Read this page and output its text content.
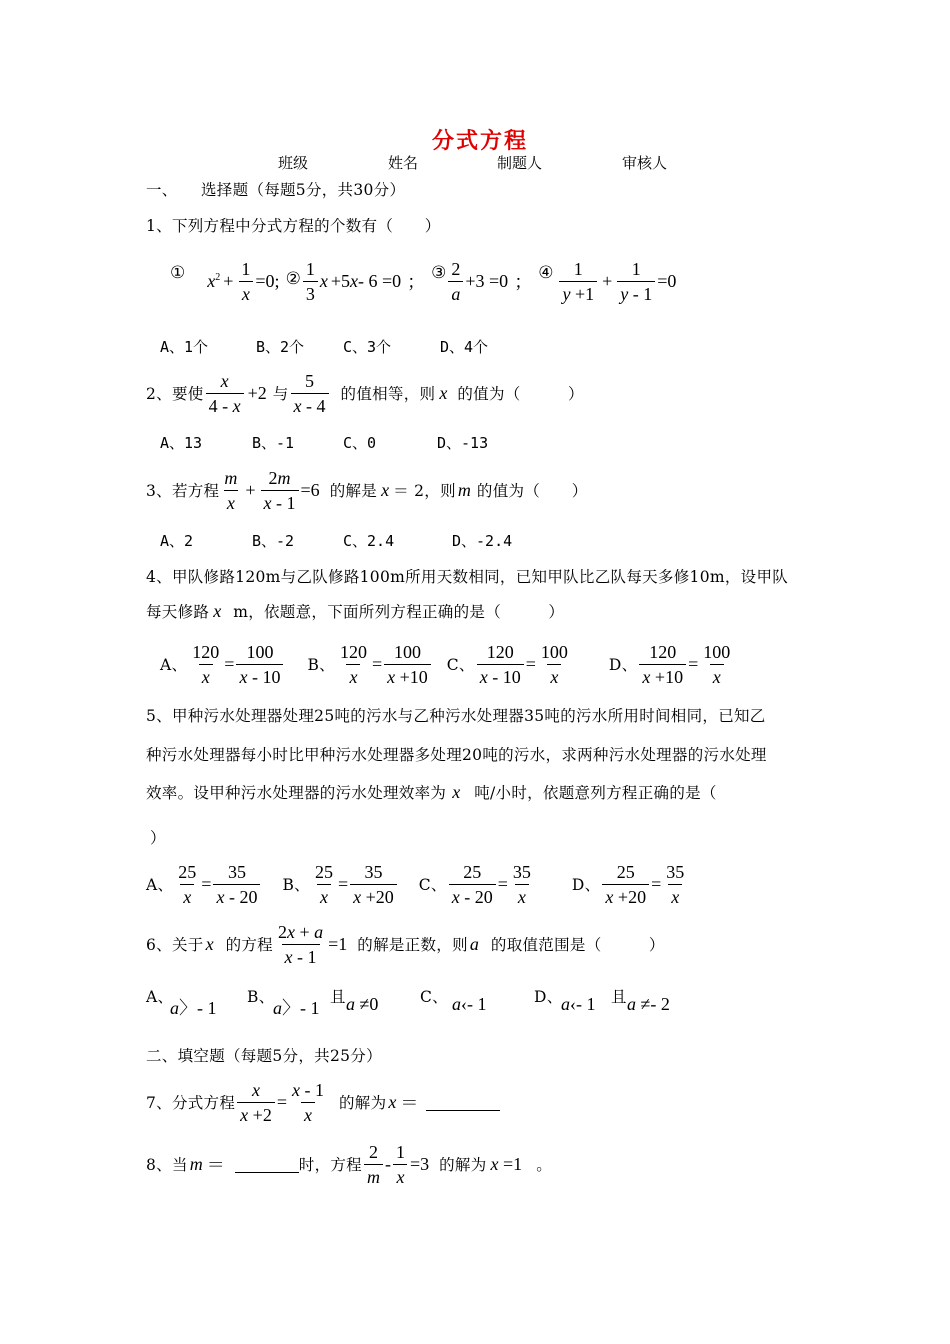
分式方程
班级	姓名	制题人	审核人
一、 选择题（每题5分，共30分）
1、下列方程中分式方程的个数有（　　）
① $x^2 + \frac{1}{x} =0$; ② $\frac{1}{3}$ x +5x- 6 =0 ； ③ $\frac{2}{a} +3 =0$ ； ④ $\frac{1}{y +1} + \frac{1}{y - 1} =0$
A、1个	B、2个	C、3个	D、4个
2、要使 $\frac{x}{4 - x} +2$ 与 $\frac{5}{x - 4}$ 的值相等，则 x 的值为（　　　）
A、13	B、-1	C、0	D、-13
3、若方程 $\frac{m}{x} + \frac{2m}{x - 1} =6$ 的解是 x ＝ 2，则 m 的值为（　　）
A、2	B、-2	C、2.4	D、-2.4
4、甲队修路120m与乙队修路100m所用天数相同，已知甲队比乙队每天多修10m，设甲队
每天修路 x m，依题意，下面所列方程正确的是（　　　）
A、 $\frac{120}{x} = \frac{100}{x - 10}$ B、 $\frac{120}{x} = \frac{100}{x +10}$ C、 $\frac{120}{x - 10} = \frac{100}{x}$ D、 $\frac{120}{x +10} = \frac{100}{x}$
5、甲种污水处理器处理25吨的污水与乙种污水处理器35吨的污水所用时间相同，已知乙
种污水处理器每小时比甲种污水处理器多处理20吨的污水，求两种污水处理器的污水处理
效率。设甲种污水处理器的污水处理效率为 x 吨/小时，依题意列方程正确的是（
）
A、 $\frac{25}{x} = \frac{35}{x - 20}$ B、 $\frac{25}{x} = \frac{35}{x +20}$ C、 $\frac{25}{x - 20} = \frac{35}{x}$ D、 $\frac{25}{x +20} = \frac{35}{x}$
6、关于 x 的方程 $\frac{2x + a}{x - 1} =1$ 的解是正数，则 a 的取值范围是（　　　）
A、
a〉- 1
B、
a〉- 1
且 a ≠0	C、 a‹- 1	D、
a‹- 1 且 a ≠- 2
二、填空题（每题5分，共25分）
7、分式方程 $\frac{x}{x +2} = \frac{x - 1}{x}$ 的解为 x ＝
8、当 m ＝	时，方程 $\frac{2}{m} - \frac{1}{x} =3$ 的解为 x =1 。
